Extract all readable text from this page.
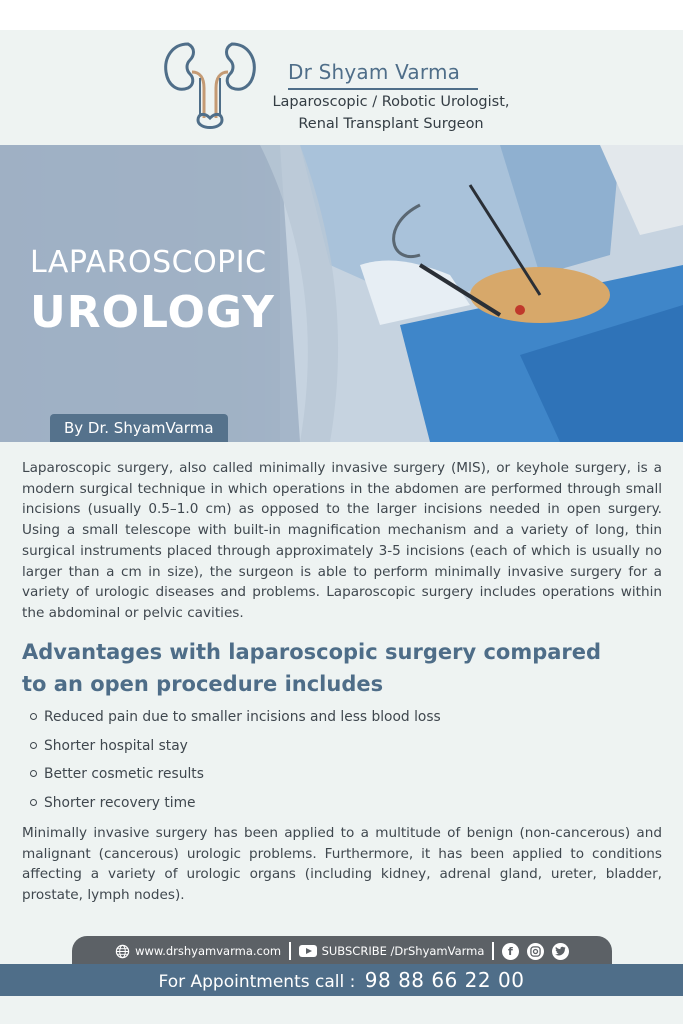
Dr Shyam Varma
Laparoscopic / Robotic Urologist,
Renal Transplant Surgeon
LAPAROSCOPIC
UROLOGY
By Dr. ShyamVarma

Laparoscopic surgery, also called minimally invasive surgery (MIS), or keyhole surgery, is a modern surgical technique in which operations in the abdomen are performed through small incisions (usually 0.5–1.0 cm) as opposed to the larger incisions needed in open surgery. Using a small telescope with built-in magnification mechanism and a variety of long, thin surgical instruments placed through approximately 3-5 incisions (each of which is usually no larger than a cm in size), the surgeon is able to perform minimally invasive surgery for a variety of urologic diseases and problems. Laparoscopic surgery includes operations within the abdominal or pelvic cavities.

Advantages with laparoscopic surgery compared
to an open procedure includes
Reduced pain due to smaller incisions and less blood loss
Shorter hospital stay
Better cosmetic results
Shorter recovery time

Minimally invasive surgery has been applied to a multitude of benign (non-cancerous) and malignant (cancerous) urologic problems. Furthermore, it has been applied to conditions affecting a variety of urologic organs (including kidney, adrenal gland, ureter, bladder, prostate, lymph nodes).

www.drshyamvarma.com	SUBSCRIBE /DrShyamVarma	f
For Appointments call : 98 88 66 22 00
